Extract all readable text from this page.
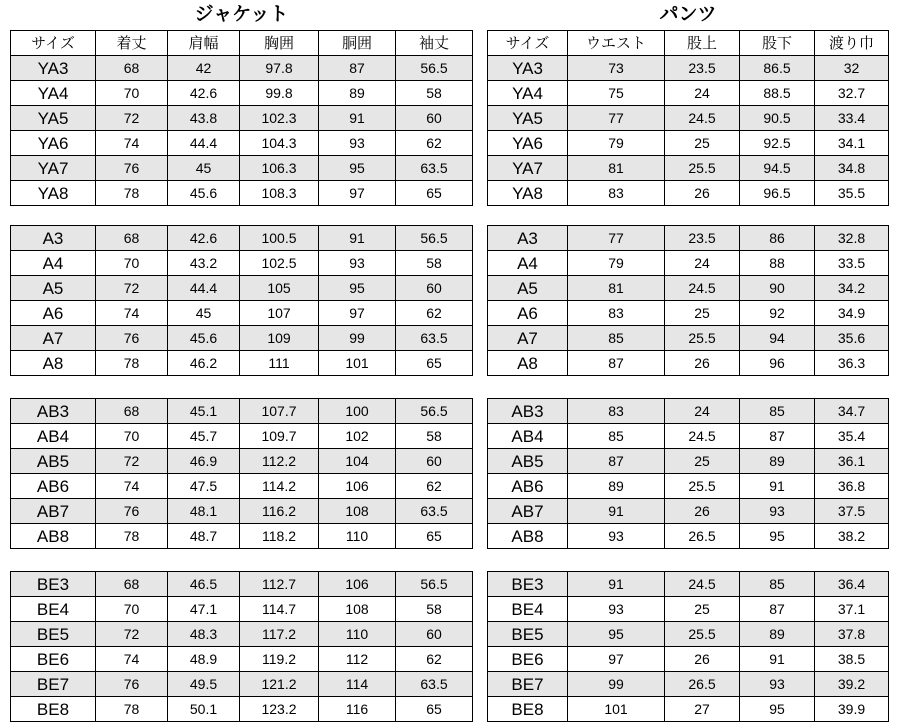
ジャケット
サイズ	着丈	肩幅	胸囲	胴囲	袖丈
YA3	68	42	97.8	87	56.5
YA4	70	42.6	99.8	89	58
YA5	72	43.8	102.3	91	60
YA6	74	44.4	104.3	93	62
YA7	76	45	106.3	95	63.5
YA8	78	45.6	108.3	97	65
A3	68	42.6	100.5	91	56.5
A4	70	43.2	102.5	93	58
A5	72	44.4	105	95	60
A6	74	45	107	97	62
A7	76	45.6	109	99	63.5
A8	78	46.2	111	101	65
AB3	68	45.1	107.7	100	56.5
AB4	70	45.7	109.7	102	58
AB5	72	46.9	112.2	104	60
AB6	74	47.5	114.2	106	62
AB7	76	48.1	116.2	108	63.5
AB8	78	48.7	118.2	110	65
BE3	68	46.5	112.7	106	56.5
BE4	70	47.1	114.7	108	58
BE5	72	48.3	117.2	110	60
BE6	74	48.9	119.2	112	62
BE7	76	49.5	121.2	114	63.5
BE8	78	50.1	123.2	116	65
パンツ
サイズ	ウエスト	股上	股下	渡り巾
YA3	73	23.5	86.5	32
YA4	75	24	88.5	32.7
YA5	77	24.5	90.5	33.4
YA6	79	25	92.5	34.1
YA7	81	25.5	94.5	34.8
YA8	83	26	96.5	35.5
A3	77	23.5	86	32.8
A4	79	24	88	33.5
A5	81	24.5	90	34.2
A6	83	25	92	34.9
A7	85	25.5	94	35.6
A8	87	26	96	36.3
AB3	83	24	85	34.7
AB4	85	24.5	87	35.4
AB5	87	25	89	36.1
AB6	89	25.5	91	36.8
AB7	91	26	93	37.5
AB8	93	26.5	95	38.2
BE3	91	24.5	85	36.4
BE4	93	25	87	37.1
BE5	95	25.5	89	37.8
BE6	97	26	91	38.5
BE7	99	26.5	93	39.2
BE8	101	27	95	39.9
